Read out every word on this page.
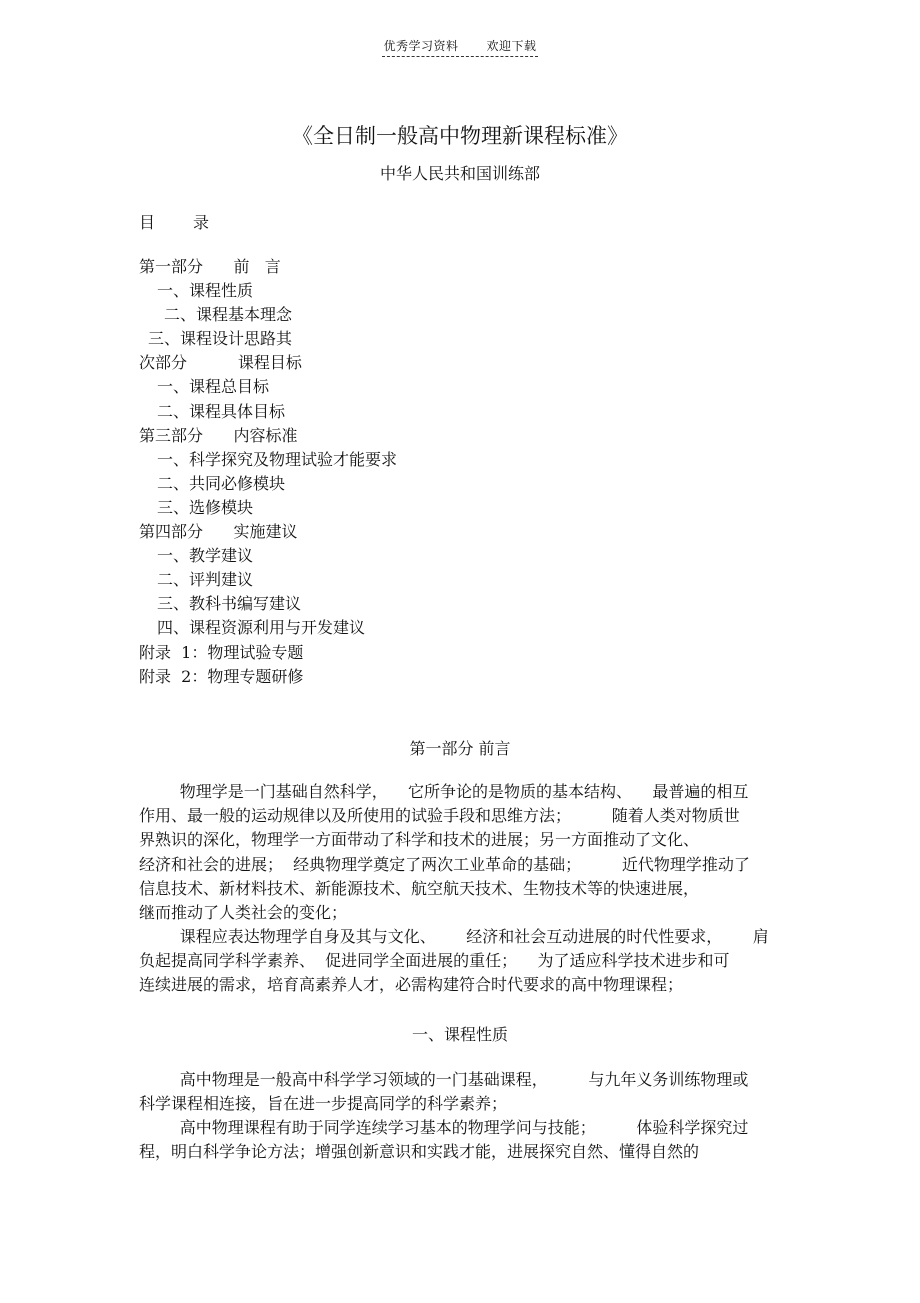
优秀学习资料 欢迎下载
《全日制一般高中物理新课程标准》
中华人民共和国训练部

目 录

第一部分      前   言
一、课程性质
二、课程基本理念
三、课程设计思路其
次部分          课程目标
一、课程总目标
二、课程具体目标
第三部分      内容标准
一、科学探究及物理试验才能要求
二、共同必修模块
三、选修模块
第四部分      实施建议
一、教学建议
二、评判建议
三、教科书编写建议
四、课程资源利用与开发建议
附录  1：物理试验专题
附录  2：物理专题研修
第一部分 前言

物理学是一门基础自然科学，    它所争论的是物质的基本结构、    最普遍的相互
作用、最一般的运动规律以及所使用的试验手段和思维方法；        随着人类对物质世
界熟识的深化，物理学一方面带动了科学和技术的进展；另一方面推动了文化、
经济和社会的进展；  经典物理学奠定了两次工业革命的基础；        近代物理学推动了
信息技术、新材料技术、新能源技术、航空航天技术、生物技术等的快速进展，
继而推动了人类社会的变化；

课程应表达物理学自身及其与文化、      经济和社会互动进展的时代性要求，      肩
负起提高同学科学素养、  促进同学全面进展的重任；    为了适应科学技术进步和可
连续进展的需求，培育高素养人才，必需构建符合时代要求的高中物理课程；

一、课程性质

高中物理是一般高中科学学习领域的一门基础课程，        与九年义务训练物理或
科学课程相连接，旨在进一步提高同学的科学素养；

高中物理课程有助于同学连续学习基本的物理学问与技能；        体验科学探究过
程，明白科学争论方法；增强创新意识和实践才能，进展探究自然、懂得自然的
